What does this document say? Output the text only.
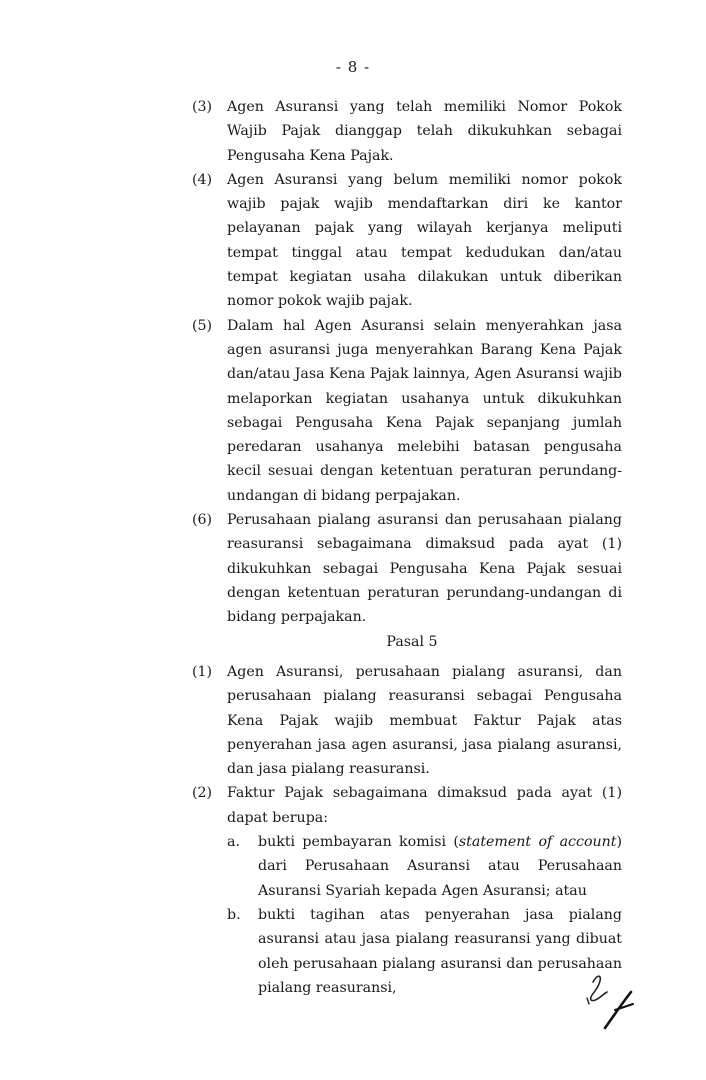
- 8 -
(3)	Agen Asuransi yang telah memiliki Nomor Pokok Wajib Pajak dianggap telah dikukuhkan sebagai Pengusaha Kena Pajak.
(4)	Agen Asuransi yang belum memiliki nomor pokok wajib pajak wajib mendaftarkan diri ke kantor pelayanan pajak yang wilayah kerjanya meliputi tempat tinggal atau tempat kedudukan dan/atau tempat kegiatan usaha dilakukan untuk diberikan nomor pokok wajib pajak.
(5)	Dalam hal Agen Asuransi selain menyerahkan jasa agen asuransi juga menyerahkan Barang Kena Pajak dan/atau Jasa Kena Pajak lainnya, Agen Asuransi wajib melaporkan kegiatan usahanya untuk dikukuhkan sebagai Pengusaha Kena Pajak sepanjang jumlah peredaran usahanya melebihi batasan pengusaha kecil sesuai dengan ketentuan peraturan perundang-undangan di bidang perpajakan.
(6)	Perusahaan pialang asuransi dan perusahaan pialang reasuransi sebagaimana dimaksud pada ayat (1) dikukuhkan sebagai Pengusaha Kena Pajak sesuai dengan ketentuan peraturan perundang-undangan di bidang perpajakan.
Pasal 5
(1)	Agen Asuransi, perusahaan pialang asuransi, dan perusahaan pialang reasuransi sebagai Pengusaha Kena Pajak wajib membuat Faktur Pajak atas penyerahan jasa agen asuransi, jasa pialang asuransi, dan jasa pialang reasuransi.
(2)	Faktur Pajak sebagaimana dimaksud pada ayat (1) dapat berupa:
a.	bukti pembayaran komisi (statement of account) dari Perusahaan Asuransi atau Perusahaan Asuransi Syariah kepada Agen Asuransi; atau
b.	bukti tagihan atas penyerahan jasa pialang asuransi atau jasa pialang reasuransi yang dibuat oleh perusahaan pialang asuransi dan perusahaan pialang reasuransi,
